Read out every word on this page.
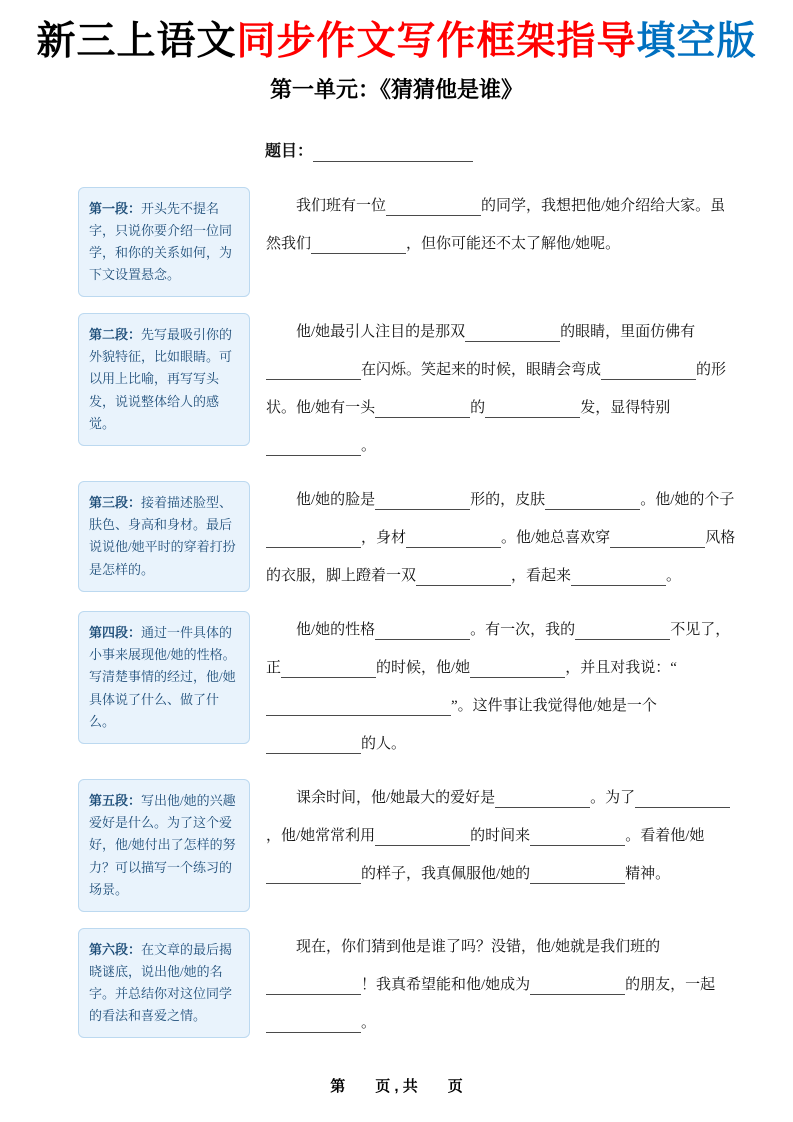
新三上语文同步作文写作框架指导填空版
第一单元：《猜猜他是谁》
题目：
第一段：开头先不提名字，只说你要介绍一位同学，和你的关系如何，为下文设置悬念。
我们班有一位	的同学，我想把他/她介绍给大家。虽然我们	，但你可能还不太了解他/她呢。
第二段：先写最吸引你的外貌特征，比如眼睛。可以用上比喻，再写写头发，说说整体给人的感觉。
他/她最引人注目的是那双	的眼睛，里面仿佛有在闪烁。笑起来的时候，眼睛会弯成	的形状。他/她有一头	的	发，显得特别。
第三段：接着描述脸型、肤色、身高和身材。最后说说他/她平时的穿着打扮是怎样的。
他/她的脸是	形的，皮肤	。他/她的个子，身材	。他/她总喜欢穿	风格的衣服，脚上蹬着一双	，看起来	。
第四段：通过一件具体的小事来展现他/她的性格。写清楚事情的经过，他/她具体说了什么、做了什么。
他/她的性格	。有一次，我的	不见了，正	的时候，他/她	，并且对我说：“”。这件事让我觉得他/她是一个的人。
第五段：写出他/她的兴趣爱好是什么。为了这个爱好，他/她付出了怎样的努力？可以描写一个练习的场景。
课余时间，他/她最大的爱好是	。为了，他/她常常利用	的时间来	。看着他/她的样子，我真佩服他/她的	精神。
第六段：在文章的最后揭晓谜底，说出他/她的名字。并总结你对这位同学的看法和喜爱之情。
现在，你们猜到他是谁了吗？没错，他/她就是我们班的！我真希望能和他/她成为	的朋友，一起。
第　　页 , 共　　页
